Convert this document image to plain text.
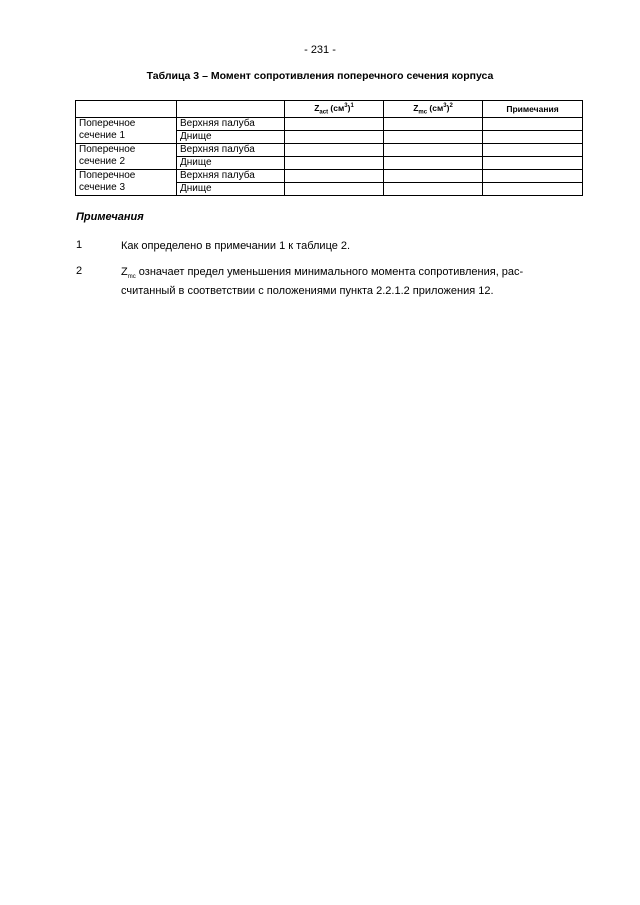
- 231 -
Таблица 3 – Момент сопротивления поперечного сечения корпуса
		$Z_{act}$ $(см^3)^1$	$Z_{mc}$ $(см^3)^2$	Примечания
Поперечное сечение 1	Верхняя палуба			
	Днище			
Поперечное сечение 2	Верхняя палуба			
	Днище			
Поперечное сечение 3	Верхняя палуба			
	Днище			
Примечания
1	Как определено в примечании 1 к таблице 2.
2	$Z_{mc}$ означает предел уменьшения минимального момента сопротивления, рас-считанный в соответствии с положениями пункта 2.2.1.2 приложения 12.
